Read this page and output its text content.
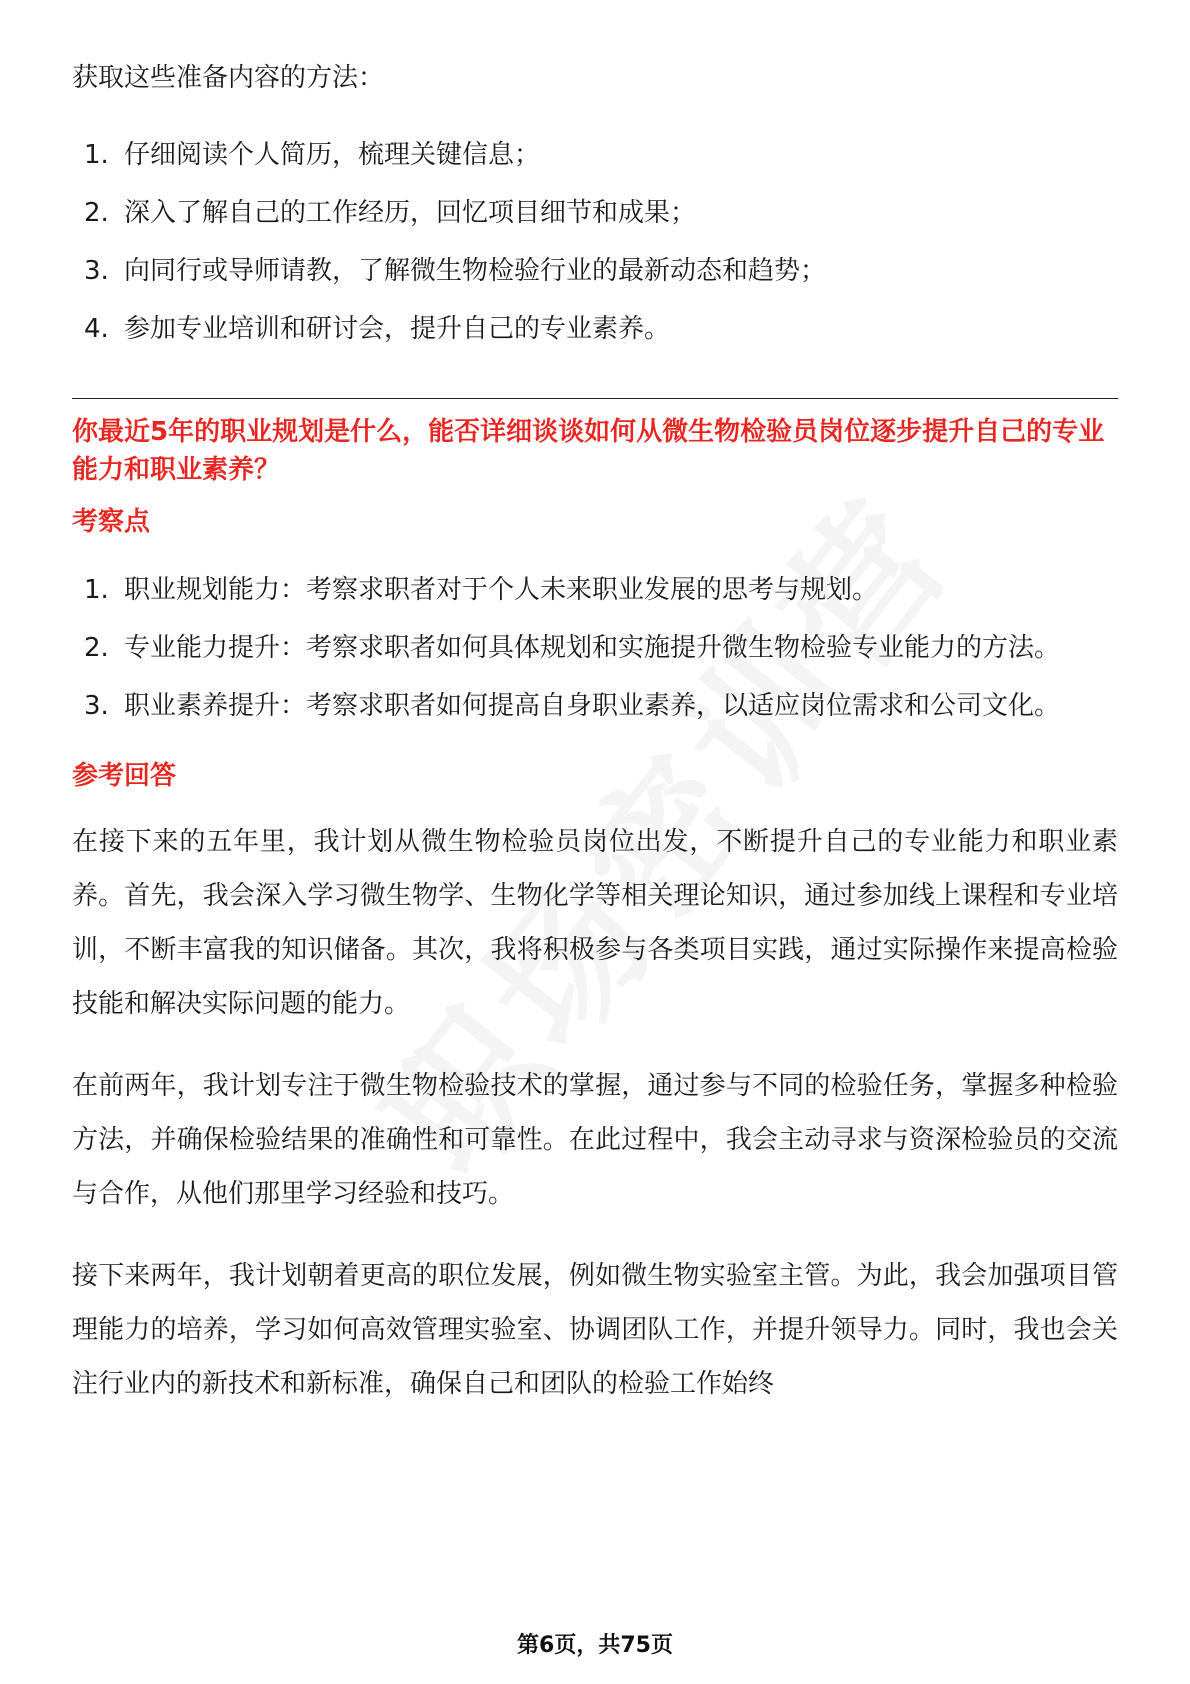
获取这些准备内容的方法：

1. 仔细阅读个人简历，梳理关键信息；
2. 深入了解自己的工作经历，回忆项目细节和成果；
3. 向同行或导师请教，了解微生物检验行业的最新动态和趋势；
4. 参加专业培训和研讨会，提升自己的专业素养。

你最近5年的职业规划是什么，能否详细谈谈如何从微生物检验员岗位逐步提升自己的专业能力和职业素养？

考察点

1. 职业规划能力：考察求职者对于个人未来职业发展的思考与规划。
2. 专业能力提升：考察求职者如何具体规划和实施提升微生物检验专业能力的方法。
3. 职业素养提升：考察求职者如何提高自身职业素养，以适应岗位需求和公司文化。

参考回答

在接下来的五年里，我计划从微生物检验员岗位出发，不断提升自己的专业能力和职业素养。首先，我会深入学习微生物学、生物化学等相关理论知识，通过参加线上课程和专业培训，不断丰富我的知识储备。其次，我将积极参与各类项目实践，通过实际操作来提高检验技能和解决实际问题的能力。

在前两年，我计划专注于微生物检验技术的掌握，通过参与不同的检验任务，掌握多种检验方法，并确保检验结果的准确性和可靠性。在此过程中，我会主动寻求与资深检验员的交流与合作，从他们那里学习经验和技巧。

接下来两年，我计划朝着更高的职位发展，例如微生物实验室主管。为此，我会加强项目管理能力的培养，学习如何高效管理实验室、协调团队工作，并提升领导力。同时，我也会关注行业内的新技术和新标准，确保自己和团队的检验工作始终

第6页，共75页
